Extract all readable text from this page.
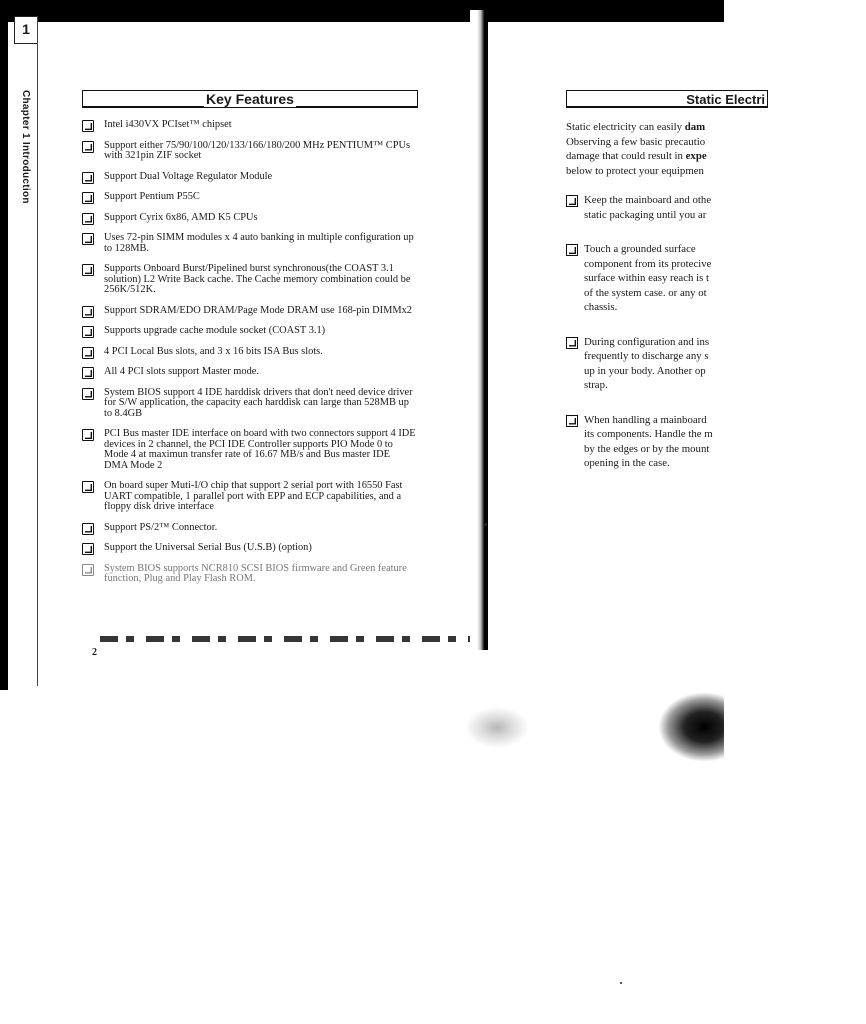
1
Chapter 1 Introduction	Key Features
Intel i430VX PCIset™ chipset
Support either 75/90/100/120/133/166/180/200 MHz PENTIUM™ CPUs with 321pin ZIF socket
Support Dual Voltage Regulator Module
Support Pentium P55C
Support Cyrix 6x86, AMD K5 CPUs
Uses 72-pin SIMM modules x 4 auto banking in multiple configuration up to 128MB.
Supports Onboard Burst/Pipelined burst synchronous(the COAST 3.1 solution) L2 Write Back cache. The Cache memory combination could be 256K/512K.
Support SDRAM/EDO DRAM/Page Mode DRAM use 168-pin DIMMx2
Supports upgrade cache module socket (COAST 3.1)
4 PCI Local Bus slots, and 3 x 16 bits ISA Bus slots.
All 4 PCI slots support Master mode.
System BIOS support 4 IDE harddisk drivers that don't need device driver for S/W application, the capacity each harddisk can large than 528MB up to 8.4GB
PCI Bus master IDE interface on board with two connectors support 4 IDE devices in 2 channel, the PCI IDE Controller supports PIO Mode 0 to Mode 4 at maximun transfer rate of 16.67 MB/s and Bus master IDE DMA Mode 2
On board super Muti-I/O chip that support 2 serial port with 16550 Fast UART compatible, 1 parallel port with EPP and ECP capabilities, and a floppy disk drive interface
Support PS/2™ Connector.
Support the Universal Serial Bus (U.S.B) (option)
System BIOS supports NCR810 SCSI BIOS firmware and Green feature function, Plug and Play Flash ROM.
2
Static Electri
Static electricity can easily dam
Observing a few basic precautio
damage that could result in expe
below to protect your equipmen
Keep the mainboard and othe
static packaging until you ar
Touch a grounded surface
component from its protecive
surface within easy reach is t
of the system case. or any ot
chassis.
During configuration and ins
frequently to discharge any s
up in your body. Another op
strap.
When handling a mainboard
its components. Handle the m
by the edges or by the mount
opening in the case.
